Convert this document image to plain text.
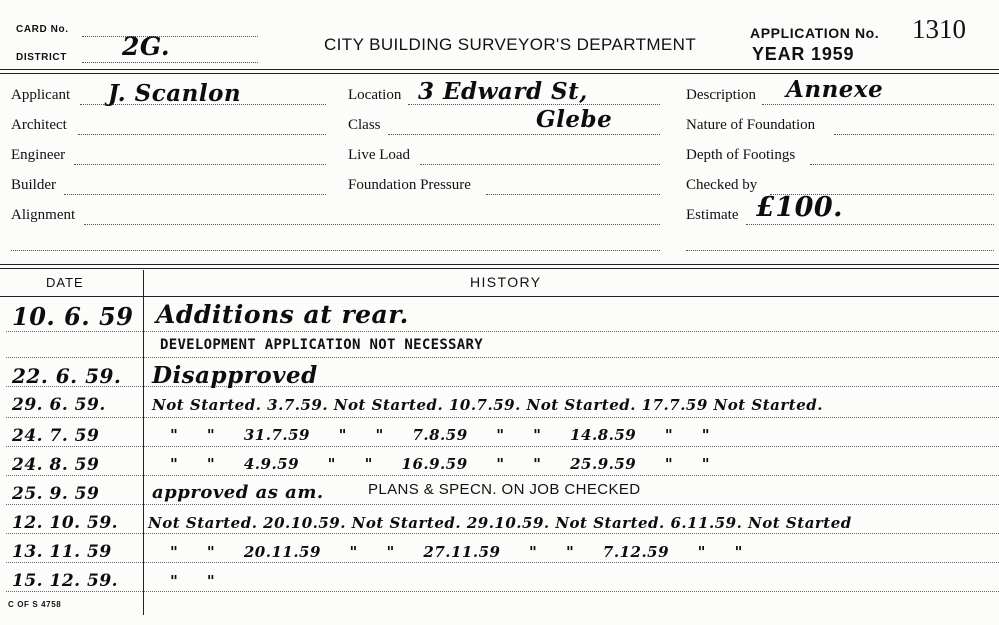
CARD No.
DISTRICT 2G.	CITY BUILDING SURVEYOR'S DEPARTMENT
APPLICATION No. 1310
YEAR 1959
Applicant J. Scanlon
Architect
Engineer
Builder
Alignment
Location 3 Edward St,
Class	Glebe
Live Load
Foundation Pressure
Description Annexe
Nature of Foundation
Depth of Footings
Checked by
Estimate £100.
DATE	HISTORY
10. 6. 59 Additions at rear.
DEVELOPMENT APPLICATION NOT NECESSARY
22. 6. 59. Disapproved
29. 6. 59.	Not Started. 3.7.59. Not Started. 10.7.59. Not Started. 17.7.59 Not Started.
24. 7. 59	"     "     31.7.59     "     "     7.8.59     "     "     14.8.59     "     "
24. 8. 59	"     "     4.9.59     "     "     16.9.59     "     "     25.9.59     "     "
25. 9. 59	approved as am.	PLANS & SPECN. ON JOB CHECKED
12. 10. 59. Not Started. 20.10.59. Not Started. 29.10.59. Not Started. 6.11.59. Not Started
13. 11. 59	"     "     20.11.59     "     "     27.11.59     "     "     7.12.59     "     "
15. 12. 59.	"     "
C OF S 4758
